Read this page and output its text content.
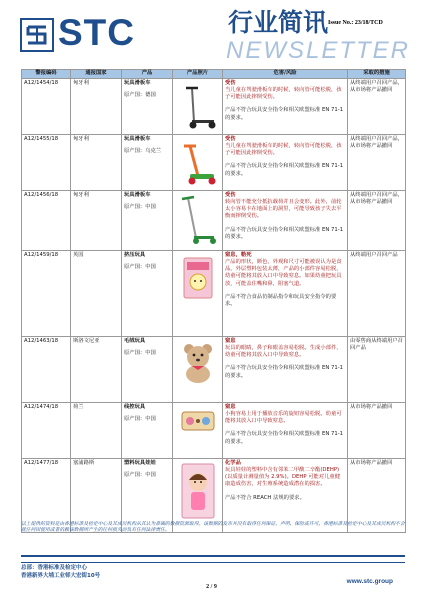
STC	行业简讯 Issue No.: 23/18/TCD
NEWSLETTER
警报编码	通报国家	产品	产品照片	危害/风险	采取的措施
A12/1454/18	匈牙利	玩具滑板车
原产国：德国		受伤
当儿童在驾驶滑板车的时候，转向管可能松脱，孩子可能因此摔倒受伤。
产品不符合玩具安全指令和相关欧盟标准 EN 71-1 的要求。	从终端用户召回产品，从市场将产品撤回
A12/1455/18	匈牙利	玩具滑板车
原产国：乌克兰		受伤
当儿童在驾驶滑板车的时候，转向管可能松脱，孩子可能因此摔倒受伤。
产品不符合玩具安全指令和相关欧盟标准 EN 71-1 的要求。	从终端用户召回产品，从市场将产品撤回
A12/1456/18	匈牙利	玩具滑板车
原产国：中国		受伤
转向管不能充分抵抗载荷并且会变形。此外，前轮太小容易卡在地面上的洞里，可能导致孩子失去平衡而摔倒受伤。
产品不符合玩具安全指令和相关欧盟标准 EN 71-1 的要求。	从终端用户召回产品，从市场将产品撤回
A12/1459/18	英国	挤压玩具
原产国：中国		窒息，勒死
产品的形状，颜色，外观和尺寸可能被误认为是食品，外层塑料包装太薄，产品的小部件容易松脱，幼童可能将其放入口中导致窒息。如果幼童把玩具放，可能盖住嘴和鼻，阻塞气道。
产品不符合食品仿制品指令和玩具安全指令的要求。	从终端用户召回产品
A12/1463/18	斯洛文尼亚	毛绒玩具
原产国：中国		窒息
玩具的眼睛，鼻子和眼盖容易松脱。生成小部件，幼童可能将其放入口中导致窒息。
产品不符合玩具安全指令和相关欧盟标准 EN 71-1 的要求。	由零售商从终端用户召回产品
A12/1474/18	荷兰	线控玩具
原产国：中国		窒息
小狗容易上用于播放音乐的旋钮容易松脱。幼童可能将其放入口中导致窒息。
产品不符合玩具安全指令和相关欧盟标准 EN 71-1 的要求。	从市场将产品撤回
A12/1477/18	塞浦路斯	塑料玩具娃娃
原产国：中国		化学品
玩具娃娃的塑料中含有邻苯二甲酸二辛酯(DEHP)(以质量计测量值为 2.9%)。DEHP 可能对儿童健康造成伤害，对生殖系统造成潜在的损害。
产品不符合 REACH 法规的要求。	从市场将产品撤回
以上提供的资料是由香港标准及检定中心及其成员机构从其认为准确的数据资源取得。该数据的发布并没有取得任何保证、声明、保险或许可。香港标准及检定中心及其成员机构不会就任何因使用或者依赖该数据所产生的任何损失而负有任何法律责任。
总部：香港标准及检定中心
香港新界大埔工业邨大宏街10号
www.stc.group
2 / 9
